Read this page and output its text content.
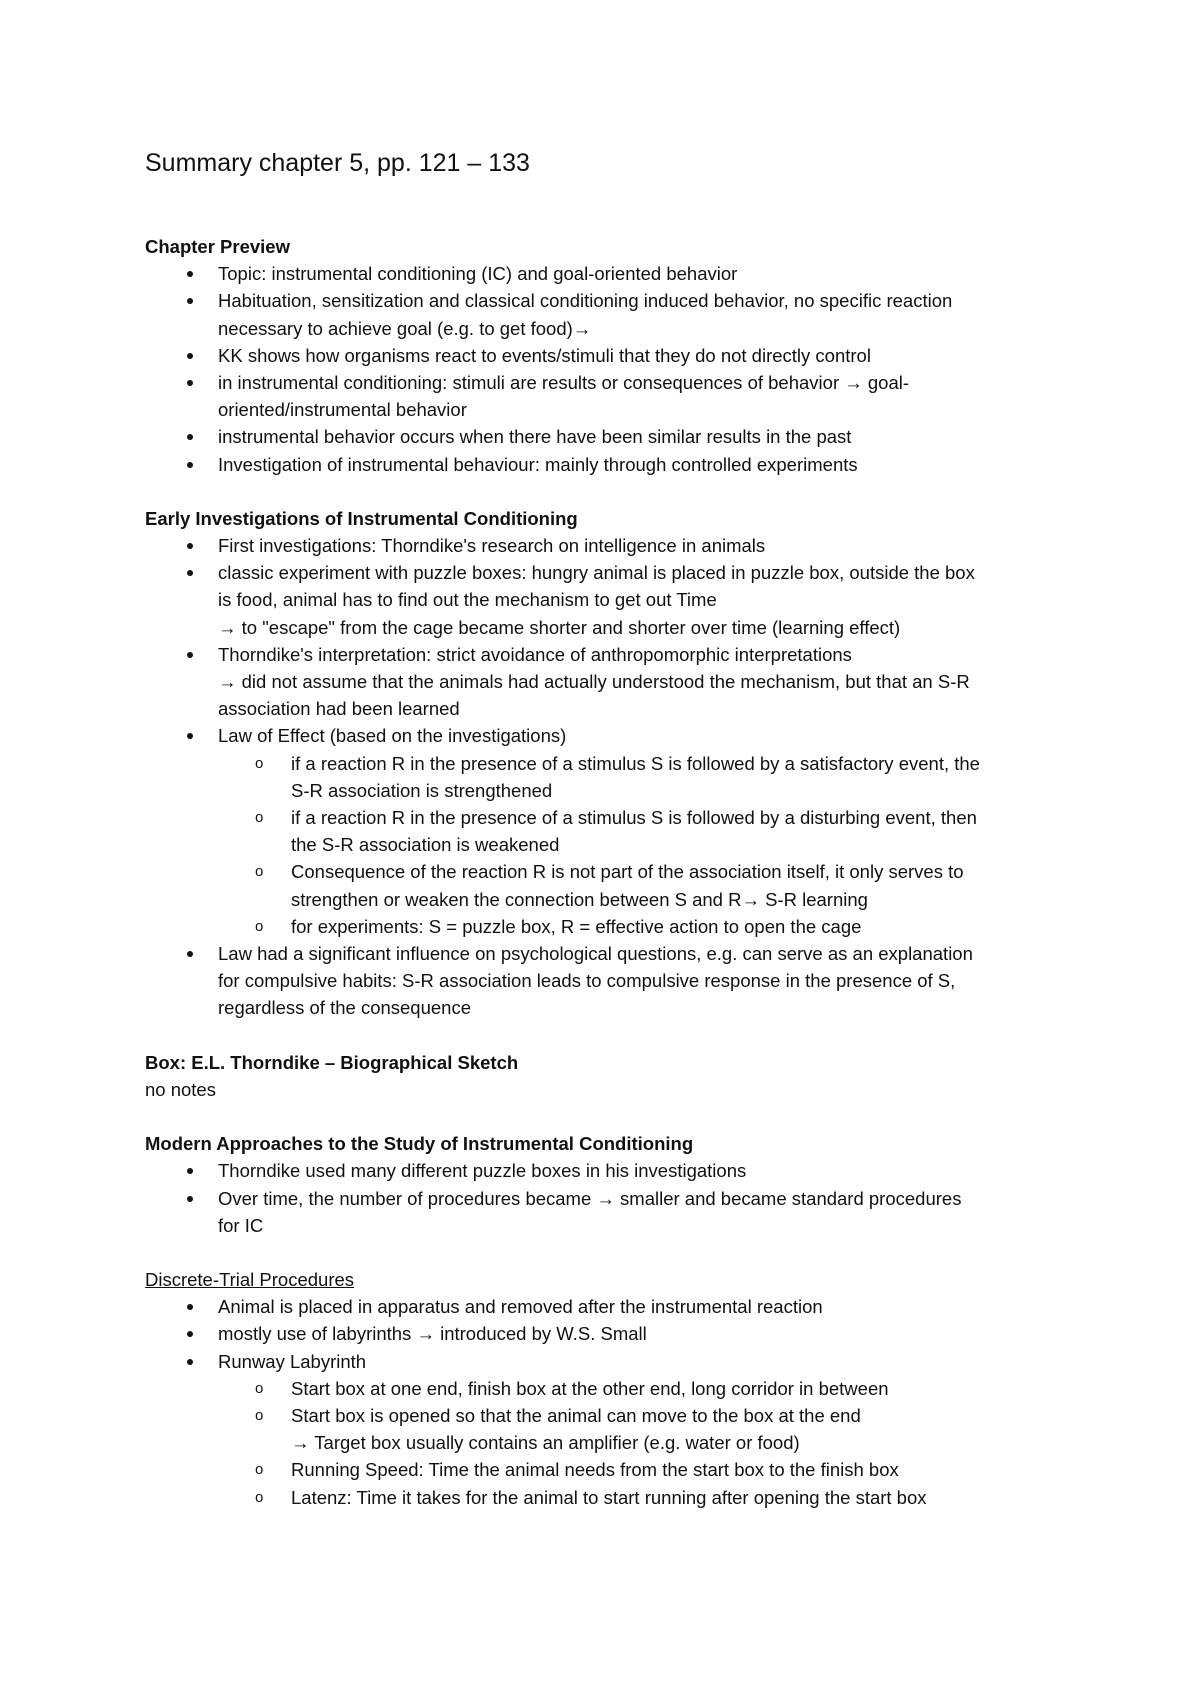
Summary chapter 5, pp. 121 – 133

Chapter Preview

Topic: instrumental conditioning (IC) and goal-oriented behavior
Habituation, sensitization and classical conditioning induced behavior, no specific reaction
necessary to achieve goal (e.g. to get food)→
KK shows how organisms react to events/stimuli that they do not directly control
in instrumental conditioning: stimuli are results or consequences of behavior → goal-
oriented/instrumental behavior
instrumental behavior occurs when there have been similar results in the past
Investigation of instrumental behaviour: mainly through controlled experiments

Early Investigations of Instrumental Conditioning

First investigations: Thorndike's research on intelligence in animals
classic experiment with puzzle boxes: hungry animal is placed in puzzle box, outside the box
is food, animal has to find out the mechanism to get out Time
→ to "escape" from the cage became shorter and shorter over time (learning effect)
Thorndike's interpretation: strict avoidance of anthropomorphic interpretations
→ did not assume that the animals had actually understood the mechanism, but that an S-R
association had been learned
Law of Effect (based on the investigations)
o if a reaction R in the presence of a stimulus S is followed by a satisfactory event, the
S-R association is strengthened
o if a reaction R in the presence of a stimulus S is followed by a disturbing event, then
the S-R association is weakened
o Consequence of the reaction R is not part of the association itself, it only serves to
strengthen or weaken the connection between S and R→ S-R learning
o for experiments: S = puzzle box, R = effective action to open the cage
Law had a significant influence on psychological questions, e.g. can serve as an explanation
for compulsive habits: S-R association leads to compulsive response in the presence of S,
regardless of the consequence

Box: E.L. Thorndike – Biographical Sketch

no notes

Modern Approaches to the Study of Instrumental Conditioning

Thorndike used many different puzzle boxes in his investigations
Over time, the number of procedures became → smaller and became standard procedures
for IC

Discrete-Trial Procedures

Animal is placed in apparatus and removed after the instrumental reaction
mostly use of labyrinths → introduced by W.S. Small
Runway Labyrinth
o Start box at one end, finish box at the other end, long corridor in between
o Start box is opened so that the animal can move to the box at the end
→ Target box usually contains an amplifier (e.g. water or food)
o Running Speed: Time the animal needs from the start box to the finish box
o Latenz: Time it takes for the animal to start running after opening the start box
